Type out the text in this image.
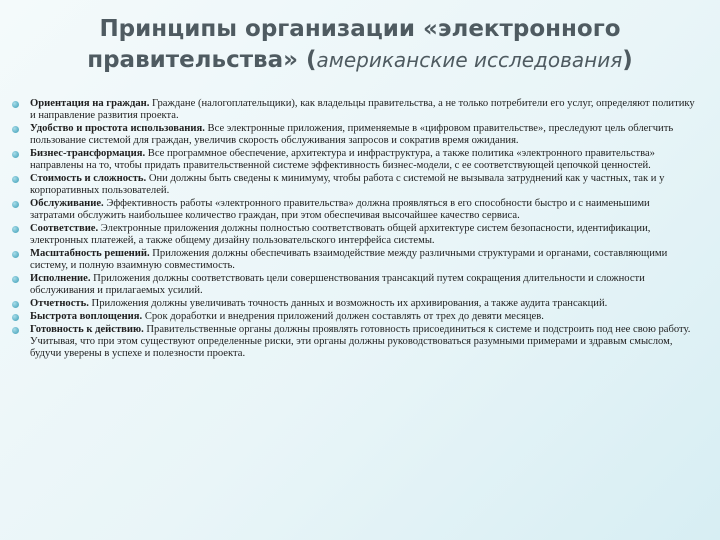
Принципы организации «электронного правительства» (американские исследования)
Ориентация на граждан. Граждане (налогоплательщики), как владельцы правительства, а не только потребители его услуг, определяют политику и направление развития проекта.
Удобство и простота использования. Все электронные приложения, применяемые в «цифровом правительстве», преследуют цель облегчить пользование системой для граждан, увеличив скорость обслуживания запросов и сократив время ожидания.
Бизнес-трансформация. Все программное обеспечение, архитектура и инфраструктура, а также политика «электронного правительства» направлены на то, чтобы придать правительственной системе эффективность бизнес-модели, с ее соответствующей цепочкой ценностей.
Стоимость и сложность. Они должны быть сведены к минимуму, чтобы работа с системой не вызывала затруднений как у частных, так и у корпоративных пользователей.
Обслуживание. Эффективность работы «электронного правительства» должна проявляться в его способности быстро и с наименьшими затратами обслужить наибольшее количество граждан, при этом обеспечивая высочайшее качество сервиса.
Соответствие. Электронные приложения должны полностью соответствовать общей архитектуре систем безопасности, идентификации, электронных платежей, а также общему дизайну пользовательского интерфейса системы.
Масштабность решений. Приложения должны обеспечивать взаимодействие между различными структурами и органами, составляющими систему, и полную взаимную совместимость.
Исполнение. Приложения должны соответствовать цели совершенствования трансакций путем сокращения длительности и сложности обслуживания и прилагаемых усилий.
Отчетность. Приложения должны увеличивать точность данных и возможность их архивирования, а также аудита трансакций.
Быстрота воплощения. Срок доработки и внедрения приложений должен составлять от трех до девяти месяцев.
Готовность к действию. Правительственные органы должны проявлять готовность присоединиться к системе и подстроить под нее свою работу. Учитывая, что при этом существуют определенные риски, эти органы должны руководствоваться разумными примерами и здравым смыслом, будучи уверены в успехе и полезности проекта.
